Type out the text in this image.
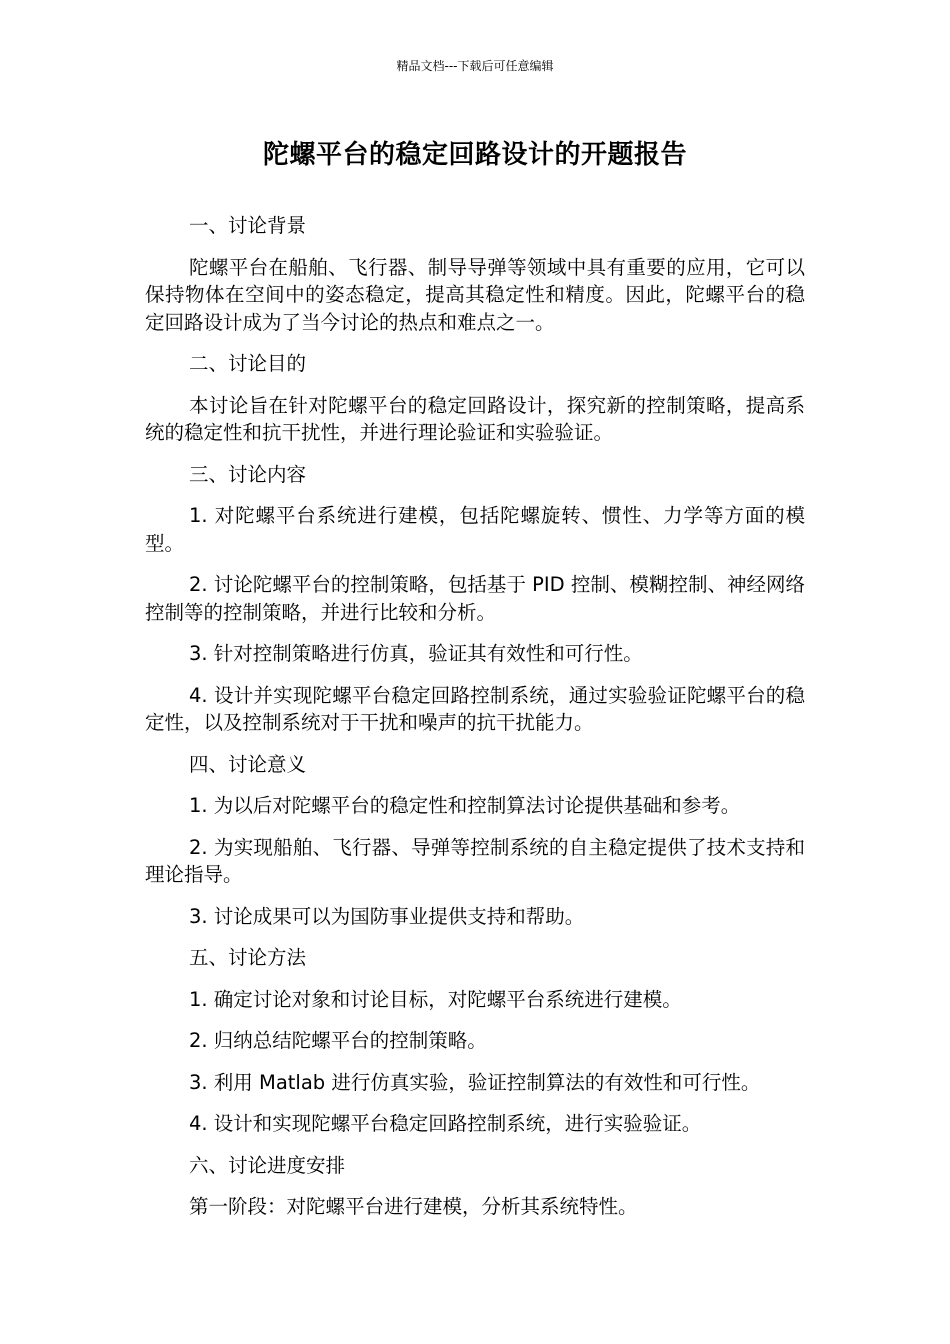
精品文档---下载后可任意编辑
陀螺平台的稳定回路设计的开题报告

一、讨论背景

陀螺平台在船舶、飞行器、制导导弹等领域中具有重要的应用，它可以保持物体在空间中的姿态稳定，提高其稳定性和精度。因此，陀螺平台的稳定回路设计成为了当今讨论的热点和难点之一。

二、讨论目的

本讨论旨在针对陀螺平台的稳定回路设计，探究新的控制策略，提高系统的稳定性和抗干扰性，并进行理论验证和实验验证。

三、讨论内容

1. 对陀螺平台系统进行建模，包括陀螺旋转、惯性、力学等方面的模型。

2. 讨论陀螺平台的控制策略，包括基于 PID 控制、模糊控制、神经网络控制等的控制策略，并进行比较和分析。

3. 针对控制策略进行仿真，验证其有效性和可行性。

4. 设计并实现陀螺平台稳定回路控制系统，通过实验验证陀螺平台的稳定性，以及控制系统对于干扰和噪声的抗干扰能力。

四、讨论意义

1. 为以后对陀螺平台的稳定性和控制算法讨论提供基础和参考。

2. 为实现船舶、飞行器、导弹等控制系统的自主稳定提供了技术支持和理论指导。

3. 讨论成果可以为国防事业提供支持和帮助。

五、讨论方法

1. 确定讨论对象和讨论目标，对陀螺平台系统进行建模。

2. 归纳总结陀螺平台的控制策略。

3. 利用 Matlab 进行仿真实验，验证控制算法的有效性和可行性。

4. 设计和实现陀螺平台稳定回路控制系统，进行实验验证。

六、讨论进度安排

第一阶段：对陀螺平台进行建模，分析其系统特性。
